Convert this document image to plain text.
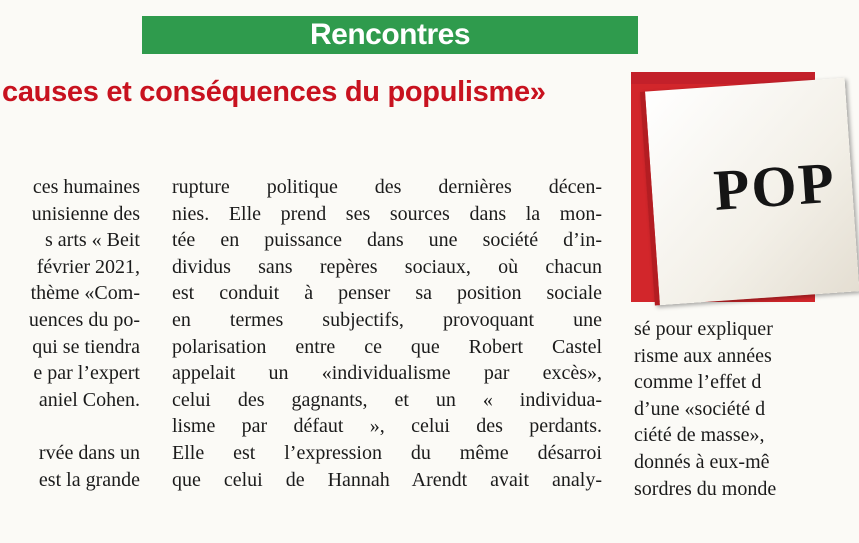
Rencontres
causes et conséquences du populisme»
ces humaines
unisienne des
s arts « Beit
février 2021,
thème «Com-
uences du po-
qui se tiendra
e par l’expert
aniel Cohen.
rvée dans un
est la grande
rupture politique des dernières décen-
nies. Elle prend ses sources dans la mon-
tée en puissance dans une société d’in-
dividus sans repères sociaux, où chacun
est conduit à penser sa position sociale
en termes subjectifs, provoquant une
polarisation entre ce que Robert Castel
appelait un «individualisme par excès»,
celui des gagnants, et un « individua-
lisme par défaut », celui des perdants.
Elle est l’expression du même désarroi
que celui de Hannah Arendt avait analy-
sé pour expliquer
risme aux années
comme l’effet d
d’une «société d
ciété de masse»,
donnés à eux-mê
sordres du monde
POP
